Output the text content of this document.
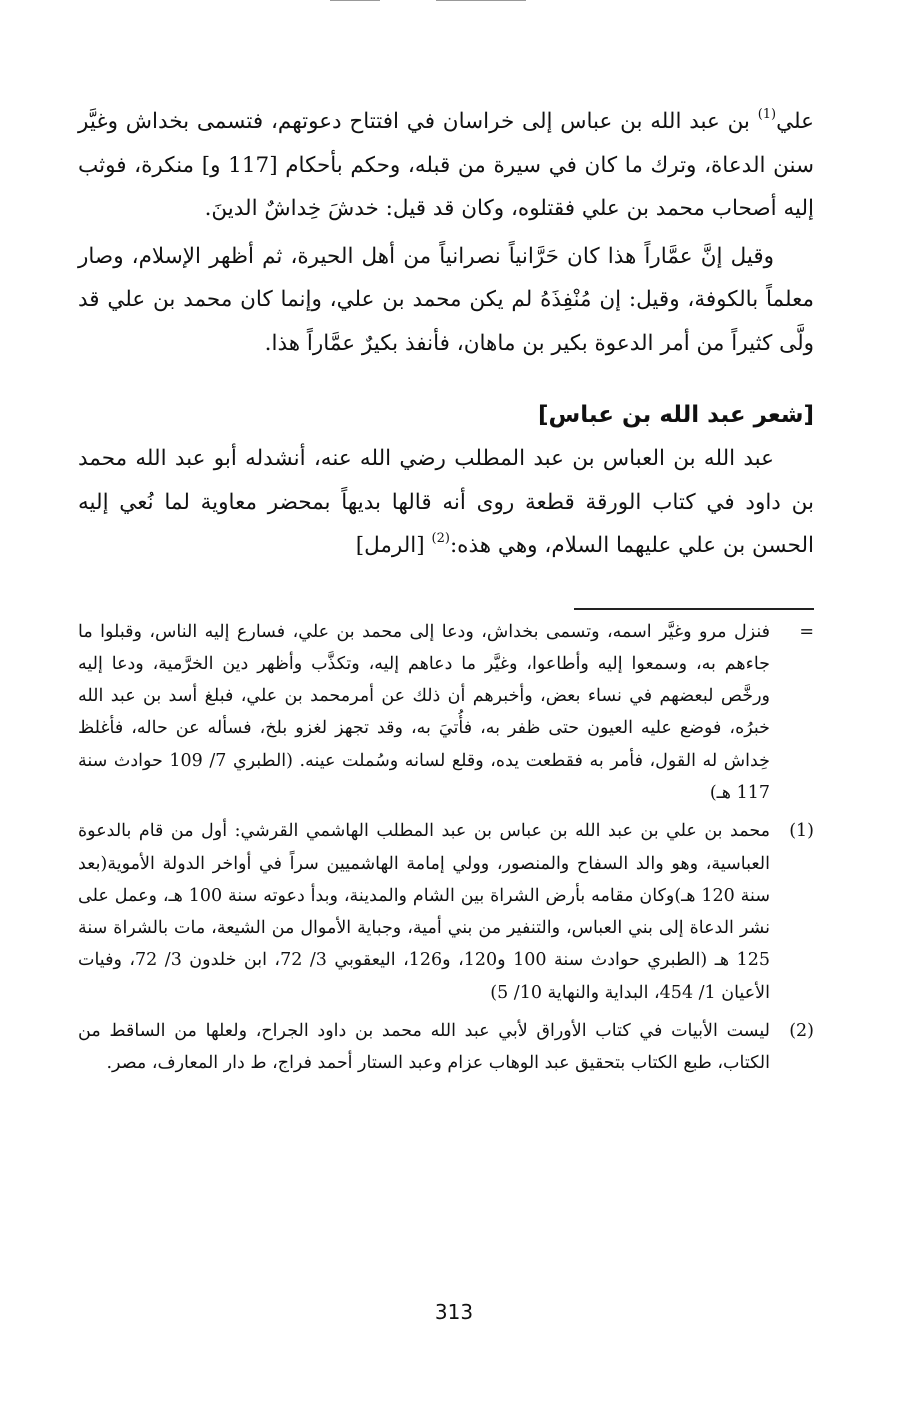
علي$^{(1)}$ بن عبد الله بن عباس إلى خراسان في افتتاح دعوتهم، فتسمى بخداش وغيَّر سنن الدعاة، وترك ما كان في سيرة من قبله، وحكم بأحكام [117 و] منكرة، فوثب إليه أصحاب محمد بن علي فقتلوه، وكان قد قيل: خدشَ خِداشٌ الدينَ.

وقيل إنَّ عمَّاراً هذا كان حَرَّانياً نصرانياً من أهل الحيرة، ثم أظهر الإسلام، وصار معلماً بالكوفة، وقيل: إن مُنْفِذَهُ لم يكن محمد بن علي، وإنما كان محمد بن علي قد ولَّى كثيراً من أمر الدعوة بكير بن ماهان، فأنفذ بكيرٌ عمَّاراً هذا.

[شعر عبد الله بن عباس]

عبد الله بن العباس بن عبد المطلب رضي الله عنه، أنشدله أبو عبد الله محمد بن داود في كتاب الورقة قطعة روى أنه قالها بديهاً بمحضر معاوية لما نُعي إليه الحسن بن علي عليهما السلام، وهي هذه:$^{(2)}$ [الرمل]

=
فنزل مرو وغيَّر اسمه، وتسمى بخداش، ودعا إلى محمد بن علي، فسارع إليه الناس، وقبلوا ما جاءهم به، وسمعوا إليه وأطاعوا، وغيَّر ما دعاهم إليه، وتكذَّب وأظهر دين الخرَّمية، ودعا إليه ورخَّص لبعضهم في نساء بعض، وأخبرهم أن ذلك عن أمرمحمد بن علي، فبلغ أسد بن عبد الله خبرُه، فوضع عليه العيون حتى ظفر به، فأُتيَ به، وقد تجهز لغزو بلخ، فسأله عن حاله، فأغلظ خِداش له القول، فأمر به فقطعت يده، وقلع لسانه وسُملت عينه. (الطبري 7/ 109 حوادث سنة 117 هـ)
(1)
محمد بن علي بن عبد الله بن عباس بن عبد المطلب الهاشمي القرشي: أول من قام بالدعوة العباسية، وهو والد السفاح والمنصور، وولي إمامة الهاشميين سراً في أواخر الدولة الأموية(بعد سنة 120 هـ)وكان مقامه بأرض الشراة بين الشام والمدينة، وبدأ دعوته سنة 100 هـ، وعمل على نشر الدعاة إلى بني العباس، والتنفير من بني أمية، وجباية الأموال من الشيعة، مات بالشراة سنة 125 هـ (الطبري حوادث سنة 100 و120، و126، اليعقوبي 3/ 72، ابن خلدون 3/ 72، وفيات الأعيان 1/ 454، البداية والنهاية 10/ 5)
(2)
ليست الأبيات في كتاب الأوراق لأبي عبد الله محمد بن داود الجراح، ولعلها من الساقط من الكتاب، طبع الكتاب بتحقيق عبد الوهاب عزام وعبد الستار أحمد فراج، ط دار المعارف، مصر.
313
